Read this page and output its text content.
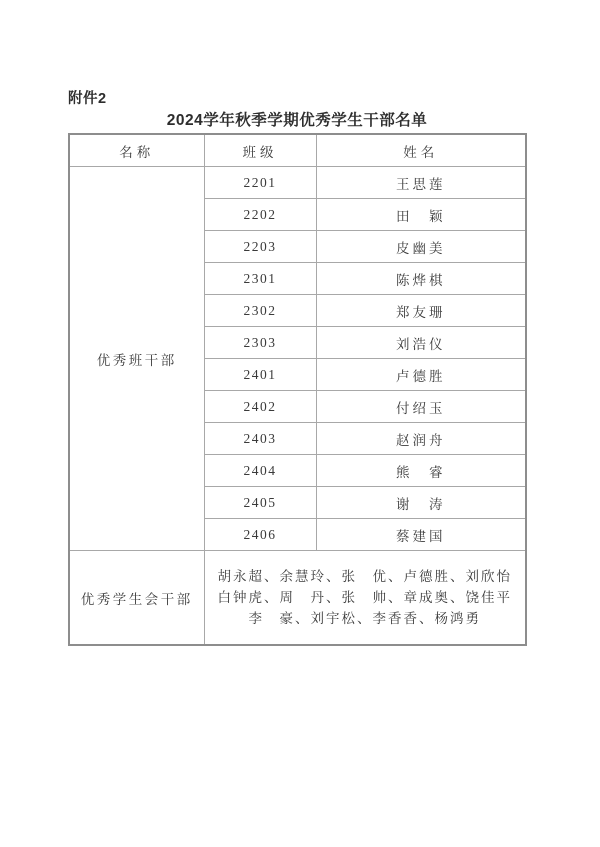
附件2
2024学年秋季学期优秀学生干部名单
名称	班级	姓名
优秀班干部	2201	王思莲
	2202	田　颖
	2203	皮幽美
	2301	陈烨棋
	2302	郑友珊
	2303	刘浩仪
	2401	卢德胜
	2402	付绍玉
	2403	赵润舟
	2404	熊　睿
	2405	谢　涛
	2406	蔡建国
优秀学生会干部	胡永超、余慧玲、张　优、卢德胜、刘欣怡
白钟虎、周　丹、张　帅、章成奥、饶佳平
李　豪、刘宇松、李香香、杨鸿勇	
